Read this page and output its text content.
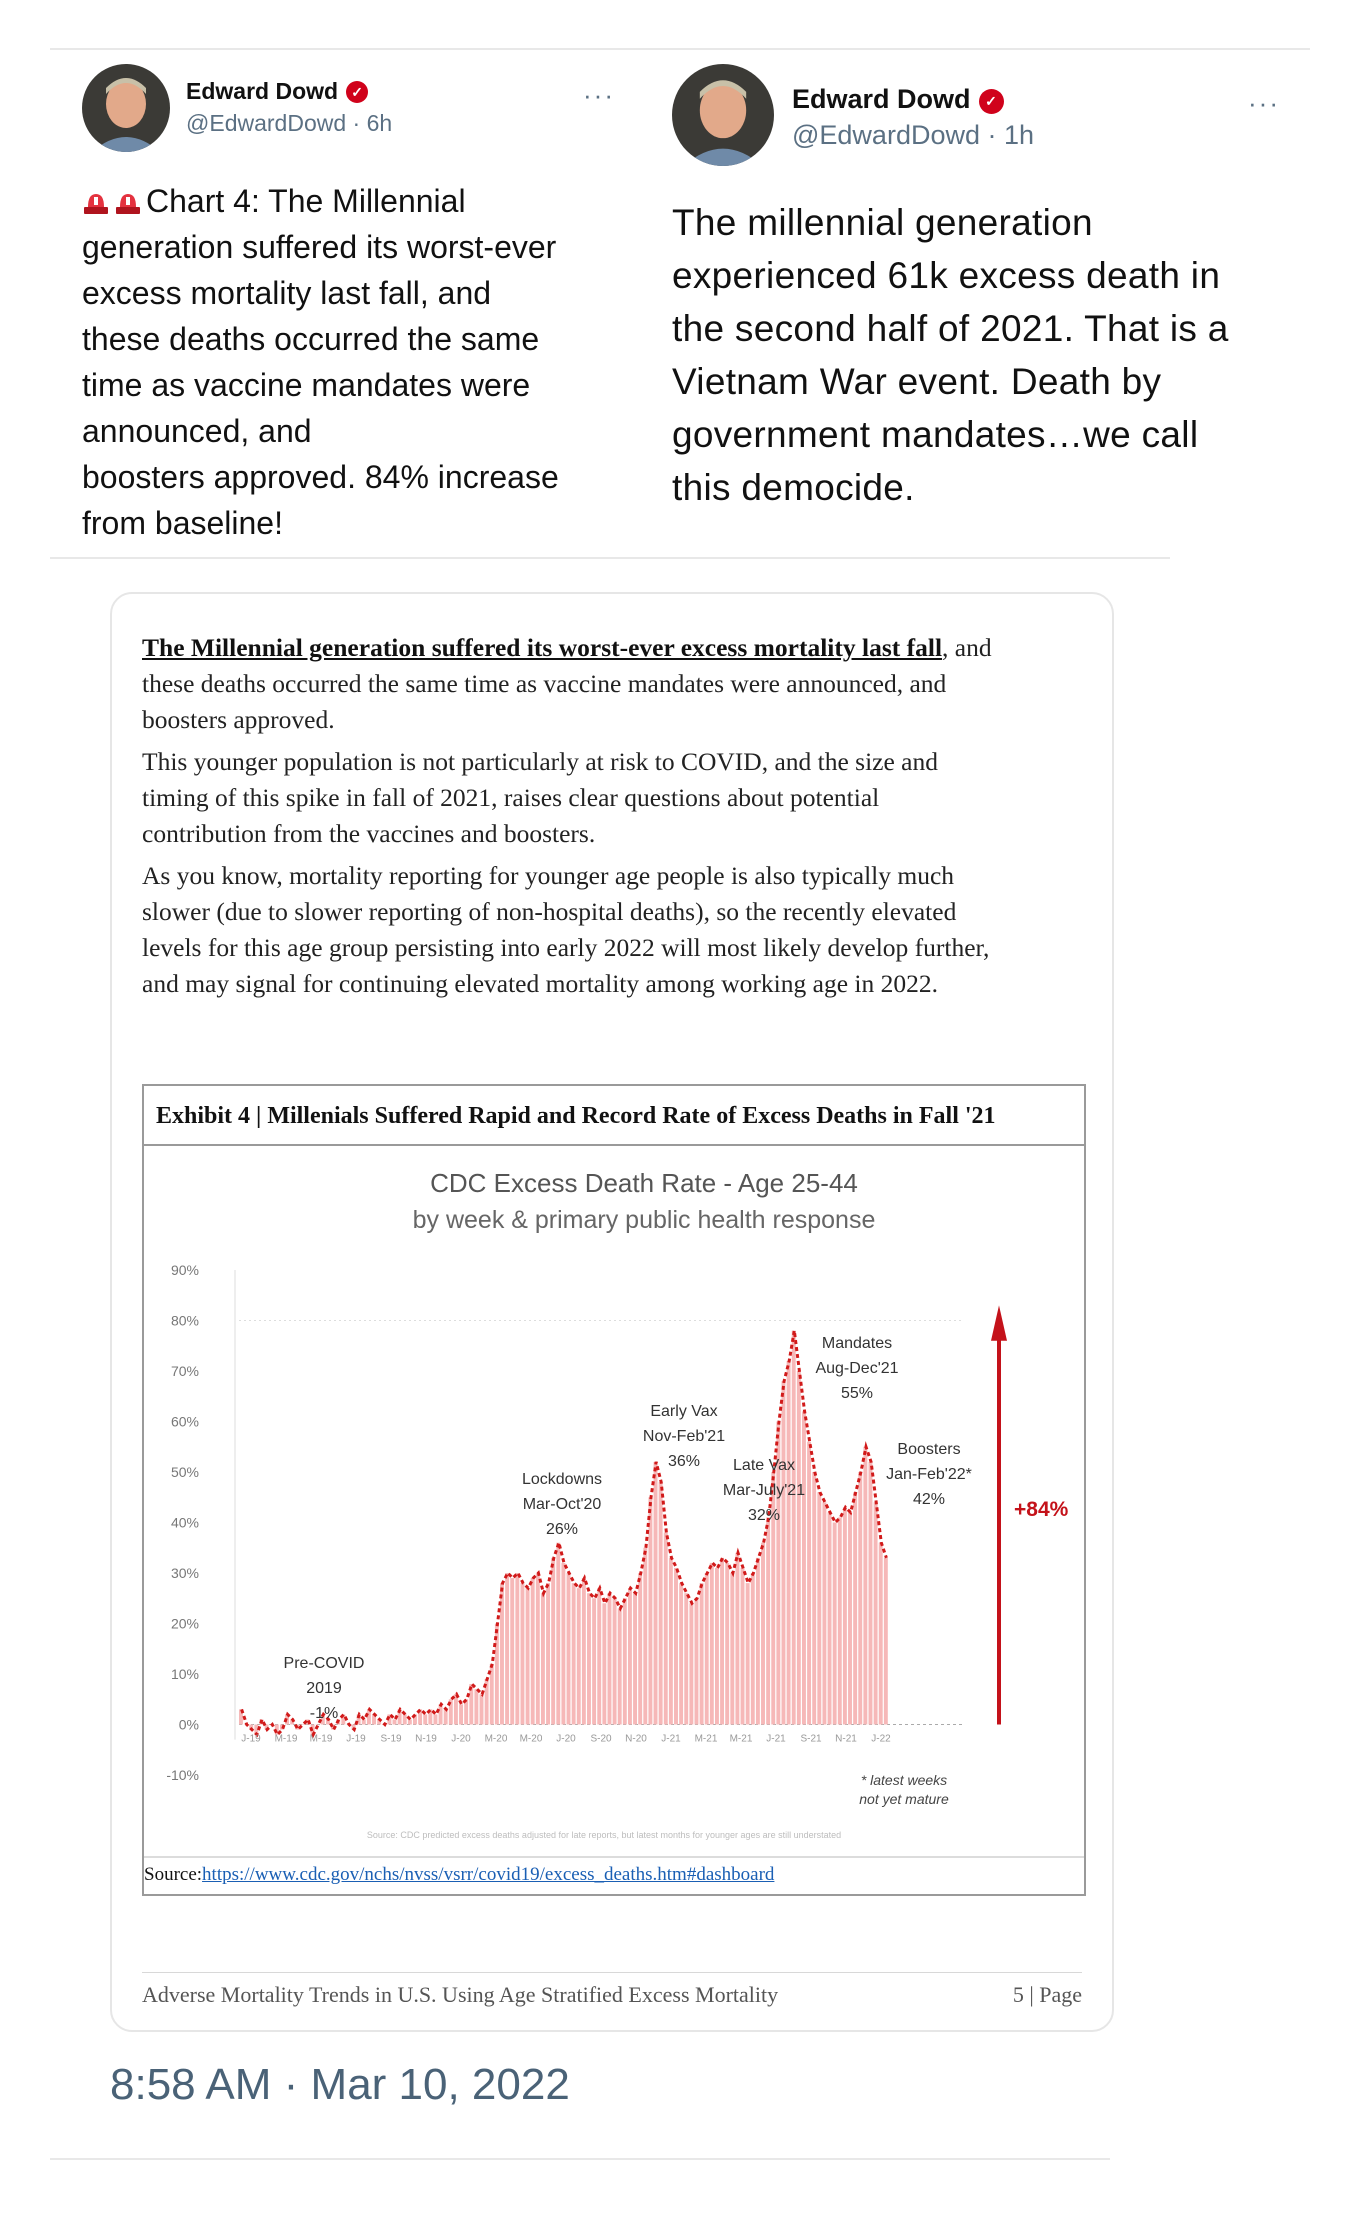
Edward Dowd ✓
@EdwardDowd · 6h
···
Chart 4: The Millennial
generation suffered its worst-ever
excess mortality last fall, and
these deaths occurred the same
time as vaccine mandates were
announced, and
boosters approved. 84% increase
from baseline!
Edward Dowd ✓
@EdwardDowd · 1h
···
The millennial generation
experienced 61k excess death in
the second half of 2021. That is a
Vietnam War event. Death by
government mandates…we call
this democide.
The Millennial generation suffered its worst-ever excess mortality last fall, and
these deaths occurred the same time as vaccine mandates were announced, and
boosters approved.
This younger population is not particularly at risk to COVID, and the size and
timing of this spike in fall of 2021, raises clear questions about potential
contribution from the vaccines and boosters.
As you know, mortality reporting for younger age people is also typically much
slower (due to slower reporting of non-hospital deaths), so the recently elevated
levels for this age group persisting into early 2022 will most likely develop further,
and may signal for continuing elevated mortality among working age in 2022.
Exhibit 4 | Millenials Suffered Rapid and Record Rate of Excess Deaths in Fall '21
CDC Excess Death Rate - Age 25-44
by week & primary public health response
90%
80%
70%
60%
50%
40%
30%
20%
10%
0%
-10%
J-19 M-19 M-19 J-19 S-19 N-19 J-20 M-20 M-20 J-20 S-20 N-20 J-21 M-21 M-21 J-21 S-21 N-21 J-22
Pre-COVID
2019
-1%
Lockdowns
Mar-Oct'20
26%
Early Vax
Nov-Feb'21
36% Late Vax
Mar-July'21
32%
Mandates
Aug-Dec'21
55%
Boosters
Jan-Feb'22*
42%	+84%
* latest weeks
not yet mature
Source: CDC predicted excess deaths adjusted for late reports, but latest months for younger ages are still understated
Source:https://www.cdc.gov/nchs/nvss/vsrr/covid19/excess_deaths.htm#dashboard
Adverse Mortality Trends in U.S. Using Age Stratified Excess Mortality	5 | Page
8:58 AM · Mar 10, 2022
